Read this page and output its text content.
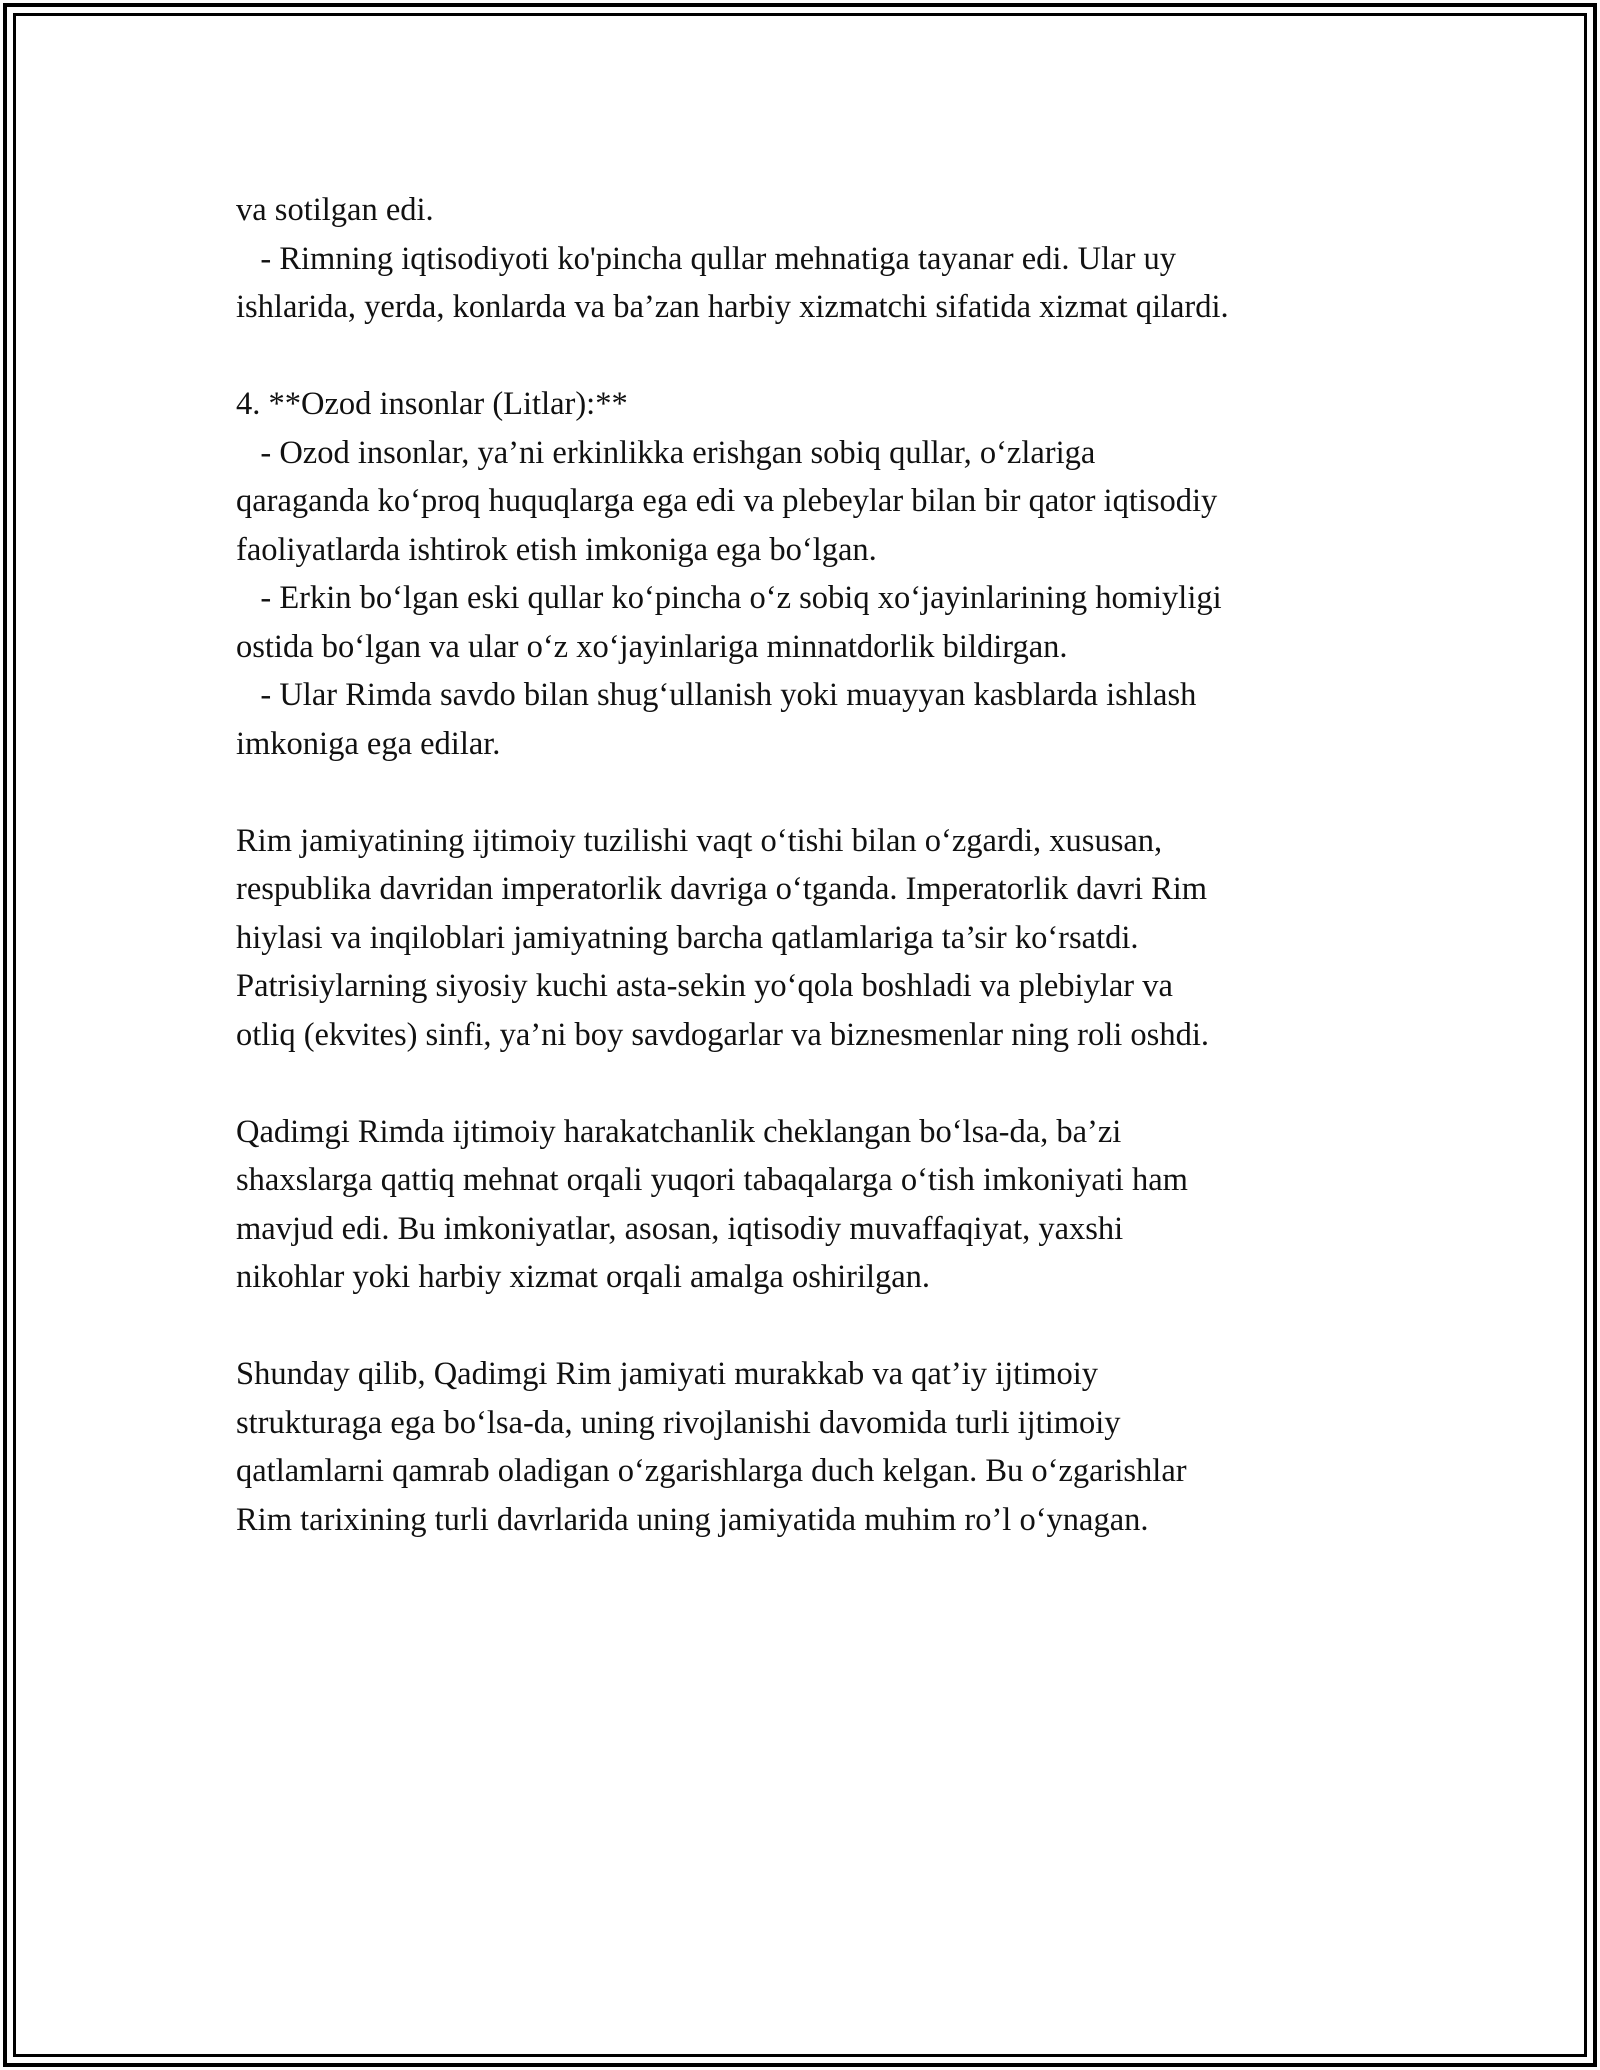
va sotilgan edi.
- Rimning iqtisodiyoti ko'pincha qullar mehnatiga tayanar edi. Ular uy
ishlarida, yerda, konlarda va ba’zan harbiy xizmatchi sifatida xizmat qilardi.
4. **Ozod insonlar (Litlar):**
- Ozod insonlar, ya’ni erkinlikka erishgan sobiq qullar, o‘zlariga
qaraganda ko‘proq huquqlarga ega edi va plebeylar bilan bir qator iqtisodiy
faoliyatlarda ishtirok etish imkoniga ega bo‘lgan.
- Erkin bo‘lgan eski qullar ko‘pincha o‘z sobiq xo‘jayinlarining homiyligi
ostida bo‘lgan va ular o‘z xo‘jayinlariga minnatdorlik bildirgan.
- Ular Rimda savdo bilan shug‘ullanish yoki muayyan kasblarda ishlash
imkoniga ega edilar.
Rim jamiyatining ijtimoiy tuzilishi vaqt o‘tishi bilan o‘zgardi, xususan,
respublika davridan imperatorlik davriga o‘tganda. Imperatorlik davri Rim
hiylasi va inqiloblari jamiyatning barcha qatlamlariga ta’sir ko‘rsatdi.
Patrisiylarning siyosiy kuchi asta-sekin yo‘qola boshladi va plebiylar va
otliq (ekvites) sinfi, ya’ni boy savdogarlar va biznesmenlar ning roli oshdi.
Qadimgi Rimda ijtimoiy harakatchanlik cheklangan bo‘lsa-da, ba’zi
shaxslarga qattiq mehnat orqali yuqori tabaqalarga o‘tish imkoniyati ham
mavjud edi. Bu imkoniyatlar, asosan, iqtisodiy muvaffaqiyat, yaxshi
nikohlar yoki harbiy xizmat orqali amalga oshirilgan.
Shunday qilib, Qadimgi Rim jamiyati murakkab va qat’iy ijtimoiy
strukturaga ega bo‘lsa-da, uning rivojlanishi davomida turli ijtimoiy
qatlamlarni qamrab oladigan o‘zgarishlarga duch kelgan. Bu o‘zgarishlar
Rim tarixining turli davrlarida uning jamiyatida muhim ro’l o‘ynagan.
